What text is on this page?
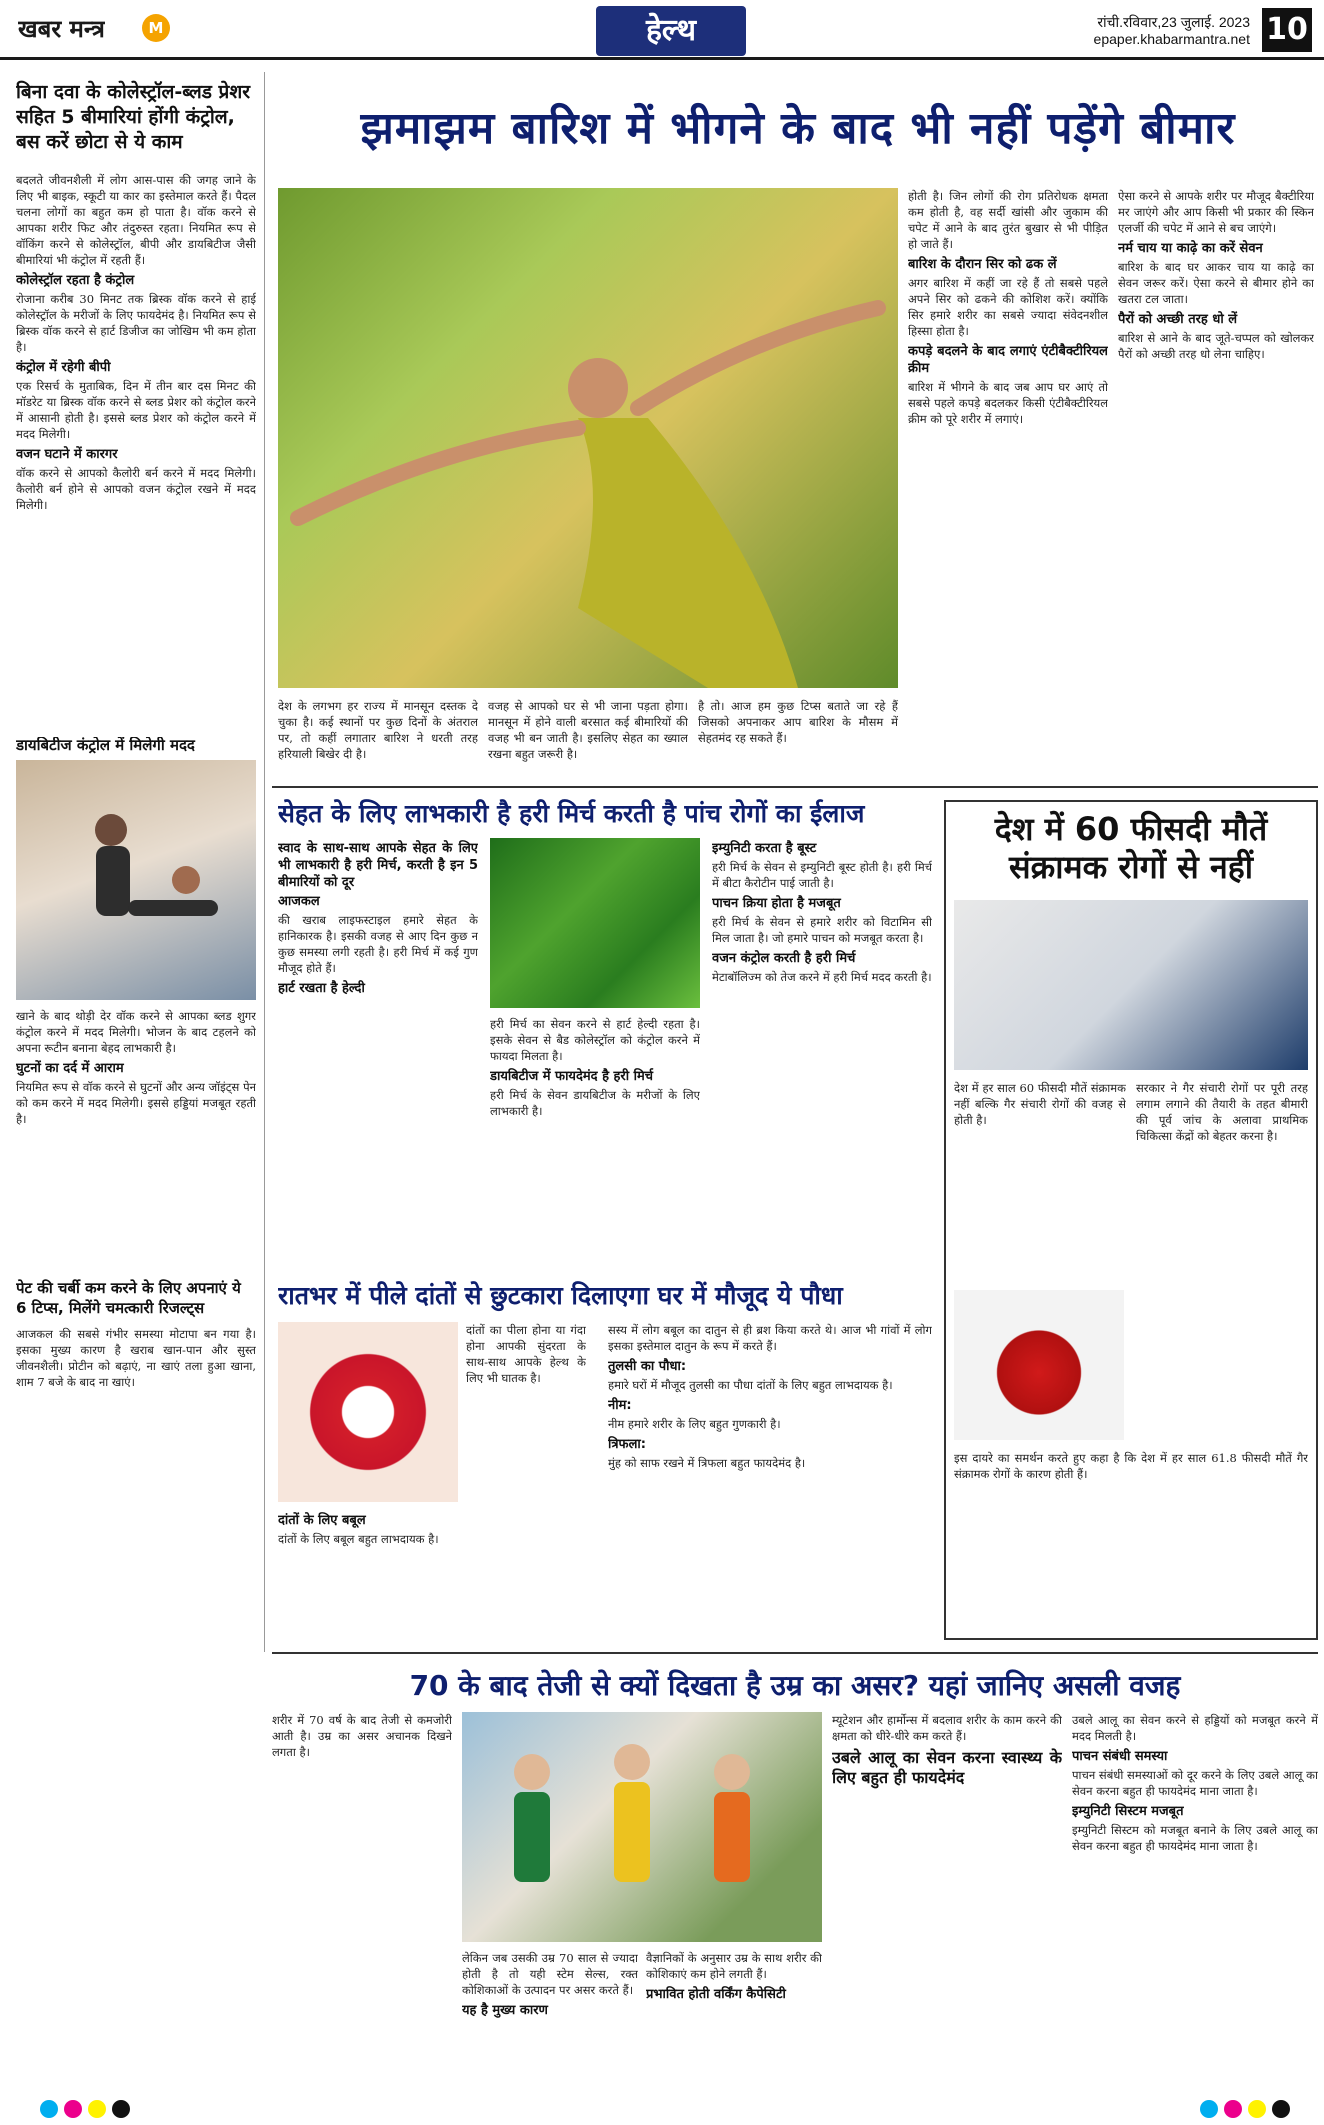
खबर मन्त्र	M	हेल्थ	रांची.रविवार,23 जुलाई. 2023
epaper.khabarmantra.net 10
बिना दवा के कोलेस्ट्रॉल-ब्लड प्रेशर सहित 5 बीमारियां होंगी कंट्रोल, बस करें छोटा से ये काम

बदलते जीवनशैली में लोग आस-पास की जगह जाने के लिए भी बाइक, स्कूटी या कार का इस्तेमाल करते हैं। पैदल चलना लोगों का बहुत कम हो पाता है। वॉक करने से आपका शरीर फिट और तंदुरुस्त रहता। नियमित रूप से वॉकिंग करने से कोलेस्ट्रॉल, बीपी और डायबिटीज जैसी बीमारियां भी कंट्रोल में रहती हैं।

कोलेस्ट्रॉल रहता है कंट्रोल

रोजाना करीब 30 मिनट तक ब्रिस्क वॉक करने से हाई कोलेस्ट्रॉल के मरीजों के लिए फायदेमंद है। नियमित रूप से ब्रिस्क वॉक करने से हार्ट डिजीज का जोखिम भी कम होता है।

कंट्रोल में रहेगी बीपी

एक रिसर्च के मुताबिक, दिन में तीन बार दस मिनट की मॉडरेट या ब्रिस्क वॉक करने से ब्लड प्रेशर को कंट्रोल करने में आसानी होती है। इससे ब्लड प्रेशर को कंट्रोल करने में मदद मिलेगी।

वजन घटाने में कारगर

वॉक करने से आपको कैलोरी बर्न करने में मदद मिलेगी। कैलोरी बर्न होने से आपको वजन कंट्रोल रखने में मदद मिलेगी।

डायबिटीज कंट्रोल में मिलेगी मदद

खाने के बाद थोड़ी देर वॉक करने से आपका ब्लड शुगर कंट्रोल करने में मदद मिलेगी। भोजन के बाद टहलने को अपना रूटीन बनाना बेहद लाभकारी है।

घुटनों का दर्द में आराम

नियमित रूप से वॉक करने से घुटनों और अन्य जॉइंट्स पेन को कम करने में मदद मिलेगी। इससे हड्डियां मजबूत रहती है।

झमाझम बारिश में भीगने के बाद भी नहीं पड़ेंगे बीमार
देश के लगभग हर राज्य में मानसून दस्तक दे चुका है। कई स्थानों पर कुछ दिनों के अंतराल पर, तो कहीं लगातार बारिश ने धरती तरह हरियाली बिखेर दी है।
वजह से आपको घर से भी जाना पड़ता होगा। मानसून में होने वाली बरसात कई बीमारियों की वजह भी बन जाती है। इसलिए सेहत का ख्याल रखना बहुत जरूरी है।
है तो। आज हम कुछ टिप्स बताते जा रहे हैं जिसको अपनाकर आप बारिश के मौसम में सेहतमंद रह सकते हैं।

होती है। जिन लोगों की रोग प्रतिरोधक क्षमता कम होती है, वह सर्दी खांसी और जुकाम की चपेट में आने के बाद तुरंत बुखार से भी पीड़ित हो जाते हैं।

बारिश के दौरान सिर को ढक लें

अगर बारिश में कहीं जा रहे हैं तो सबसे पहले अपने सिर को ढकने की कोशिश करें। क्योंकि सिर हमारे शरीर का सबसे ज्यादा संवेदनशील हिस्सा होता है।

कपड़े बदलने के बाद लगाएं एंटीबैक्टीरियल क्रीम

बारिश में भीगने के बाद जब आप घर आएं तो सबसे पहले कपड़े बदलकर किसी एंटीबैक्टीरियल क्रीम को पूरे शरीर में लगाएं।

ऐसा करने से आपके शरीर पर मौजूद बैक्टीरिया मर जाएंगे और आप किसी भी प्रकार की स्किन एलर्जी की चपेट में आने से बच जाएंगे।

नर्म चाय या काढ़े का करें सेवन

बारिश के बाद घर आकर चाय या काढ़े का सेवन जरूर करें। ऐसा करने से बीमार होने का खतरा टल जाता।

पैरों को अच्छी तरह धो लें

बारिश से आने के बाद जूते-चप्पल को खोलकर पैरों को अच्छी तरह धो लेना चाहिए।

सेहत के लिए लाभकारी है हरी मिर्च करती है पांच रोगों का ईलाज
स्वाद के साथ-साथ आपके सेहत के लिए भी लाभकारी है हरी मिर्च, करती है इन 5 बीमारियों को दूर
आजकल

की खराब लाइफस्टाइल हमारे सेहत के हानिकारक है। इसकी वजह से आए दिन कुछ न कुछ समस्या लगी रहती है। हरी मिर्च में कई गुण मौजूद होते हैं।

हार्ट रखता है हेल्दी

हरी मिर्च का सेवन करने से हार्ट हेल्दी रहता है। इसके सेवन से बैड कोलेस्ट्रॉल को कंट्रोल करने में फायदा मिलता है।

डायबिटीज में फायदेमंद है हरी मिर्च

हरी मिर्च के सेवन डायबिटीज के मरीजों के लिए लाभकारी है।

इम्युनिटी करता है बूस्ट

हरी मिर्च के सेवन से इम्युनिटी बूस्ट होती है। हरी मिर्च में बीटा कैरोटीन पाई जाती है।

पाचन क्रिया होता है मजबूत

हरी मिर्च के सेवन से हमारे शरीर को विटामिन सी मिल जाता है। जो हमारे पाचन को मजबूत करता है।

वजन कंट्रोल करती है हरी मिर्च

मेटाबॉलिज्म को तेज करने में हरी मिर्च मदद करती है।

देश में 60 फीसदी मौतें संक्रामक रोगों से नहीं
देश में हर साल 60 फीसदी मौतें संक्रामक नहीं बल्कि गैर संचारी रोगों की वजह से होती है।
सरकार ने गैर संचारी रोगों पर पूरी तरह लगाम लगाने की तैयारी के तहत बीमारी की पूर्व जांच के अलावा प्राथमिक चिकित्सा केंद्रों को बेहतर करना है।
इस दायरे का समर्थन करते हुए कहा है कि देश में हर साल 61.8 फीसदी मौतें गैर संक्रामक रोगों के कारण होती हैं।
रातभर में पीले दांतों से छुटकारा दिलाएगा घर में मौजूद ये पौधा
दांतों का पीला होना या गंदा होना आपकी सुंदरता के साथ-साथ आपके हेल्थ के लिए भी घातक है।
दांतों के लिए बबूल

दांतों के लिए बबूल बहुत लाभदायक है।

सस्य में लोग बबूल का दातुन से ही ब्रश किया करते थे। आज भी गांवों में लोग इसका इस्तेमाल दातुन के रूप में करते हैं।

तुलसी का पौधा:

हमारे घरों में मौजूद तुलसी का पौधा दांतों के लिए बहुत लाभदायक है।

नीम:

नीम हमारे शरीर के लिए बहुत गुणकारी है।

त्रिफला:

मुंह को साफ रखने में त्रिफला बहुत फायदेमंद है।

70 के बाद तेजी से क्यों दिखता है उम्र का असर? यहां जानिए असली वजह
शरीर में 70 वर्ष के बाद तेजी से कमजोरी आती है। उम्र का असर अचानक दिखने लगता है।

लेकिन जब उसकी उम्र 70 साल से ज्यादा होती है तो यही स्टेम सेल्स, रक्त कोशिकाओं के उत्पादन पर असर करते हैं।

यह है मुख्य कारण

वैज्ञानिकों के अनुसार उम्र के साथ शरीर की कोशिकाएं कम होने लगती हैं।

प्रभावित होती वर्किंग कैपेसिटी

म्यूटेशन और हार्मोन्स में बदलाव शरीर के काम करने की क्षमता को धीरे-धीरे कम करते हैं।

उबले आलू का सेवन करना स्वास्थ्य के लिए बहुत ही फायदेमंद

उबले आलू का सेवन करने से हड्डियों को मजबूत करने में मदद मिलती है।

पाचन संबंधी समस्या

पाचन संबंधी समस्याओं को दूर करने के लिए उबले आलू का सेवन करना बहुत ही फायदेमंद माना जाता है।

इम्युनिटी सिस्टम मजबूत

इम्युनिटी सिस्टम को मजबूत बनाने के लिए उबले आलू का सेवन करना बहुत ही फायदेमंद माना जाता है।

पेट की चर्बी कम करने के लिए अपनाएं ये 6 टिप्स, मिलेंगे चमत्कारी रिजल्ट्स
आजकल की सबसे गंभीर समस्या मोटापा बन गया है। इसका मुख्य कारण है खराब खान-पान और सुस्त जीवनशैली। प्रोटीन को बढ़ाएं, ना खाएं तला हुआ खाना, शाम 7 बजे के बाद ना खाएं।
